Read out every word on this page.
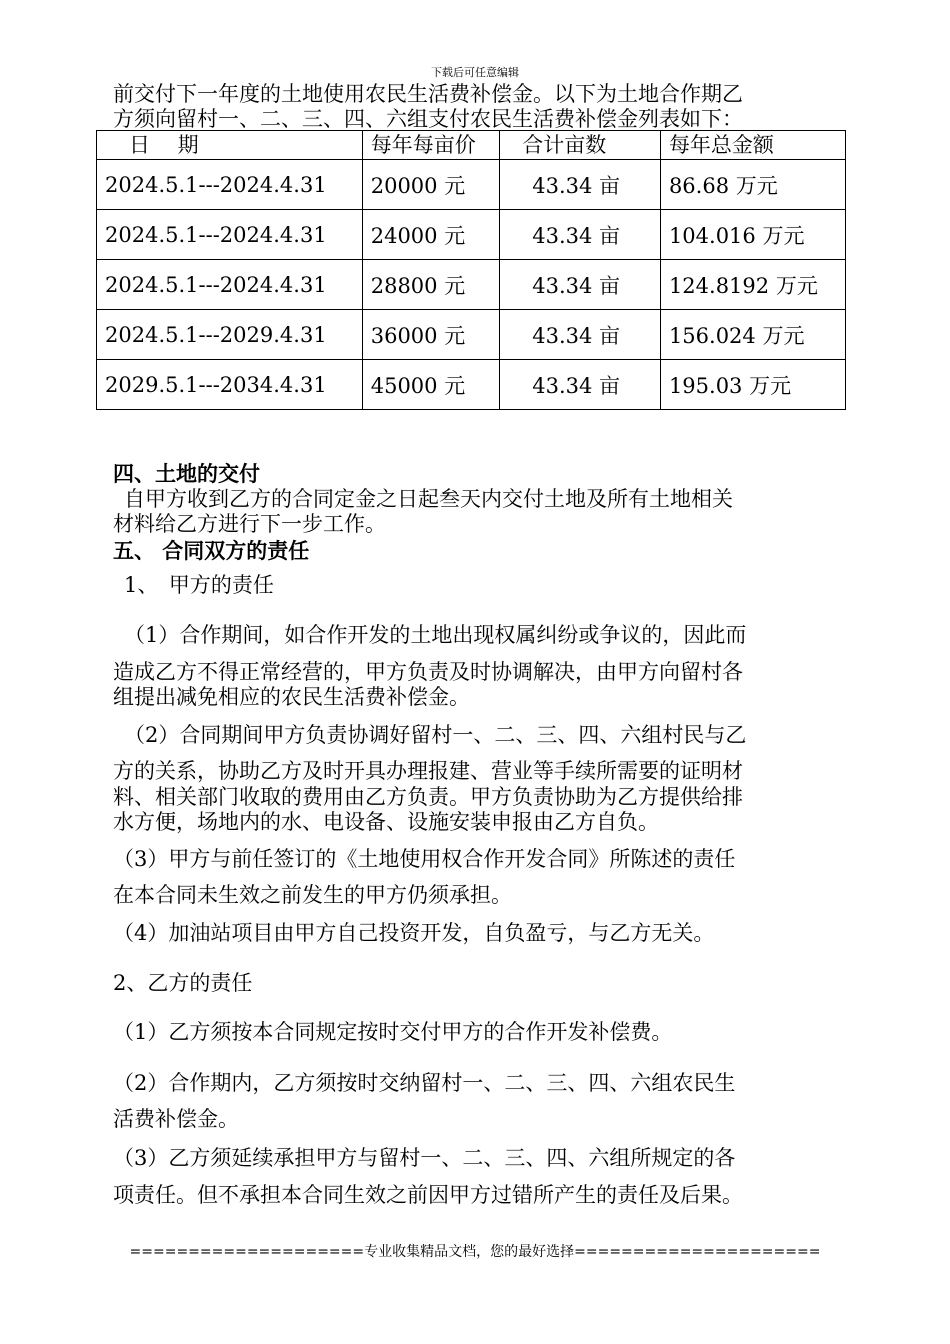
下载后可任意编辑

前交付下一年度的土地使用农民生活费补偿金。以下为土地合作期乙

方须向留村一、二、三、四、六组支付农民生活费补偿金列表如下：

日　 期	每年每亩价	合计亩数	每年总金额
2024.5.1---2024.4.31	20000 元	43.34 亩	86.68 万元
2024.5.1---2024.4.31	24000 元	43.34 亩	104.016 万元
2024.5.1---2024.4.31	28800 元	43.34 亩	124.8192 万元
2024.5.1---2029.4.31	36000 元	43.34 亩	156.024 万元
2029.5.1---2034.4.31	45000 元	43.34 亩	195.03 万元

四、土地的交付

自甲方收到乙方的合同定金之日起叁天内交付土地及所有土地相关

材料给乙方进行下一步工作。

五、 合同双方的责任

1、　甲方的责任

（1）合作期间，如合作开发的土地出现权属纠纷或争议的，因此而

造成乙方不得正常经营的，甲方负责及时协调解决，由甲方向留村各

组提出减免相应的农民生活费补偿金。

（2）合同期间甲方负责协调好留村一、二、三、四、六组村民与乙

方的关系，协助乙方及时开具办理报建、营业等手续所需要的证明材

料、相关部门收取的费用由乙方负责。甲方负责协助为乙方提供给排

水方便，场地内的水、电设备、设施安装申报由乙方自负。

（3）甲方与前任签订的《土地使用权合作开发合同》所陈述的责任

在本合同未生效之前发生的甲方仍须承担。

（4）加油站项目由甲方自己投资开发，自负盈亏，与乙方无关。

2、乙方的责任

（1）乙方须按本合同规定按时交付甲方的合作开发补偿费。

（2）合作期内，乙方须按时交纳留村一、二、三、四、六组农民生

活费补偿金。

（3）乙方须延续承担甲方与留村一、二、三、四、六组所规定的各

项责任。但不承担本合同生效之前因甲方过错所产生的责任及后果。

====================专业收集精品文档，您的最好选择=====================
